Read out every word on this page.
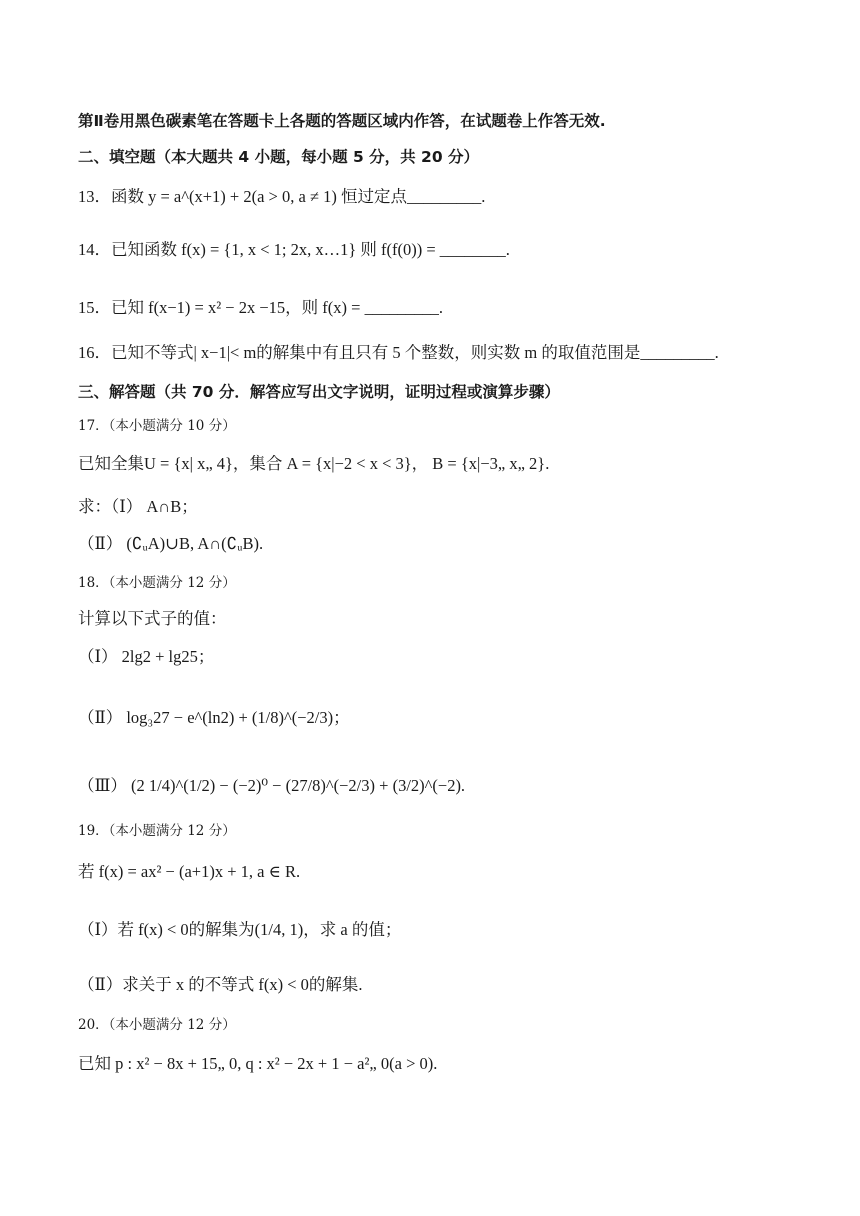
第Ⅱ卷用黑色碳素笔在答题卡上各题的答题区域内作答，在试题卷上作答无效.
二、填空题（本大题共 4 小题，每小题 5 分，共 20 分）
13．函数 y = a^(x+1) + 2(a > 0, a ≠ 1) 恒过定点_________.
14．已知函数 f(x) = {1, x < 1; 2x, x…1} 则 f(f(0)) = ________.
15．已知 f(x−1) = x² − 2x −15，则 f(x) = _________.
16．已知不等式| x−1|< m的解集中有且只有 5 个整数，则实数 m 的取值范围是_________.
三、解答题（共 70 分．解答应写出文字说明，证明过程或演算步骤）
17．（本小题满分 10 分）
已知全集U = {x| x„ 4}，集合 A = {x|−2 < x < 3}， B = {x|−3„ x„ 2}.
求：（Ⅰ） A∩B；
（Ⅱ） (∁ᵤA)∪B, A∩(∁ᵤB).
18．（本小题满分 12 分）
计算以下式子的值：
（Ⅰ） 2lg2 + lg25；
（Ⅱ） log₃27 − e^(ln2) + (1/8)^(−2/3)；
（Ⅲ） (2 1/4)^(1/2) − (−2)⁰ − (27/8)^(−2/3) + (3/2)^(−2).
19．（本小题满分 12 分）
若 f(x) = ax² − (a+1)x + 1, a ∈ R.
（Ⅰ）若 f(x) < 0的解集为(1/4, 1)，求 a 的值；
（Ⅱ）求关于 x 的不等式 f(x) < 0的解集.
20．（本小题满分 12 分）
已知 p : x² − 8x + 15„ 0, q : x² − 2x + 1 − a²„ 0(a > 0).
